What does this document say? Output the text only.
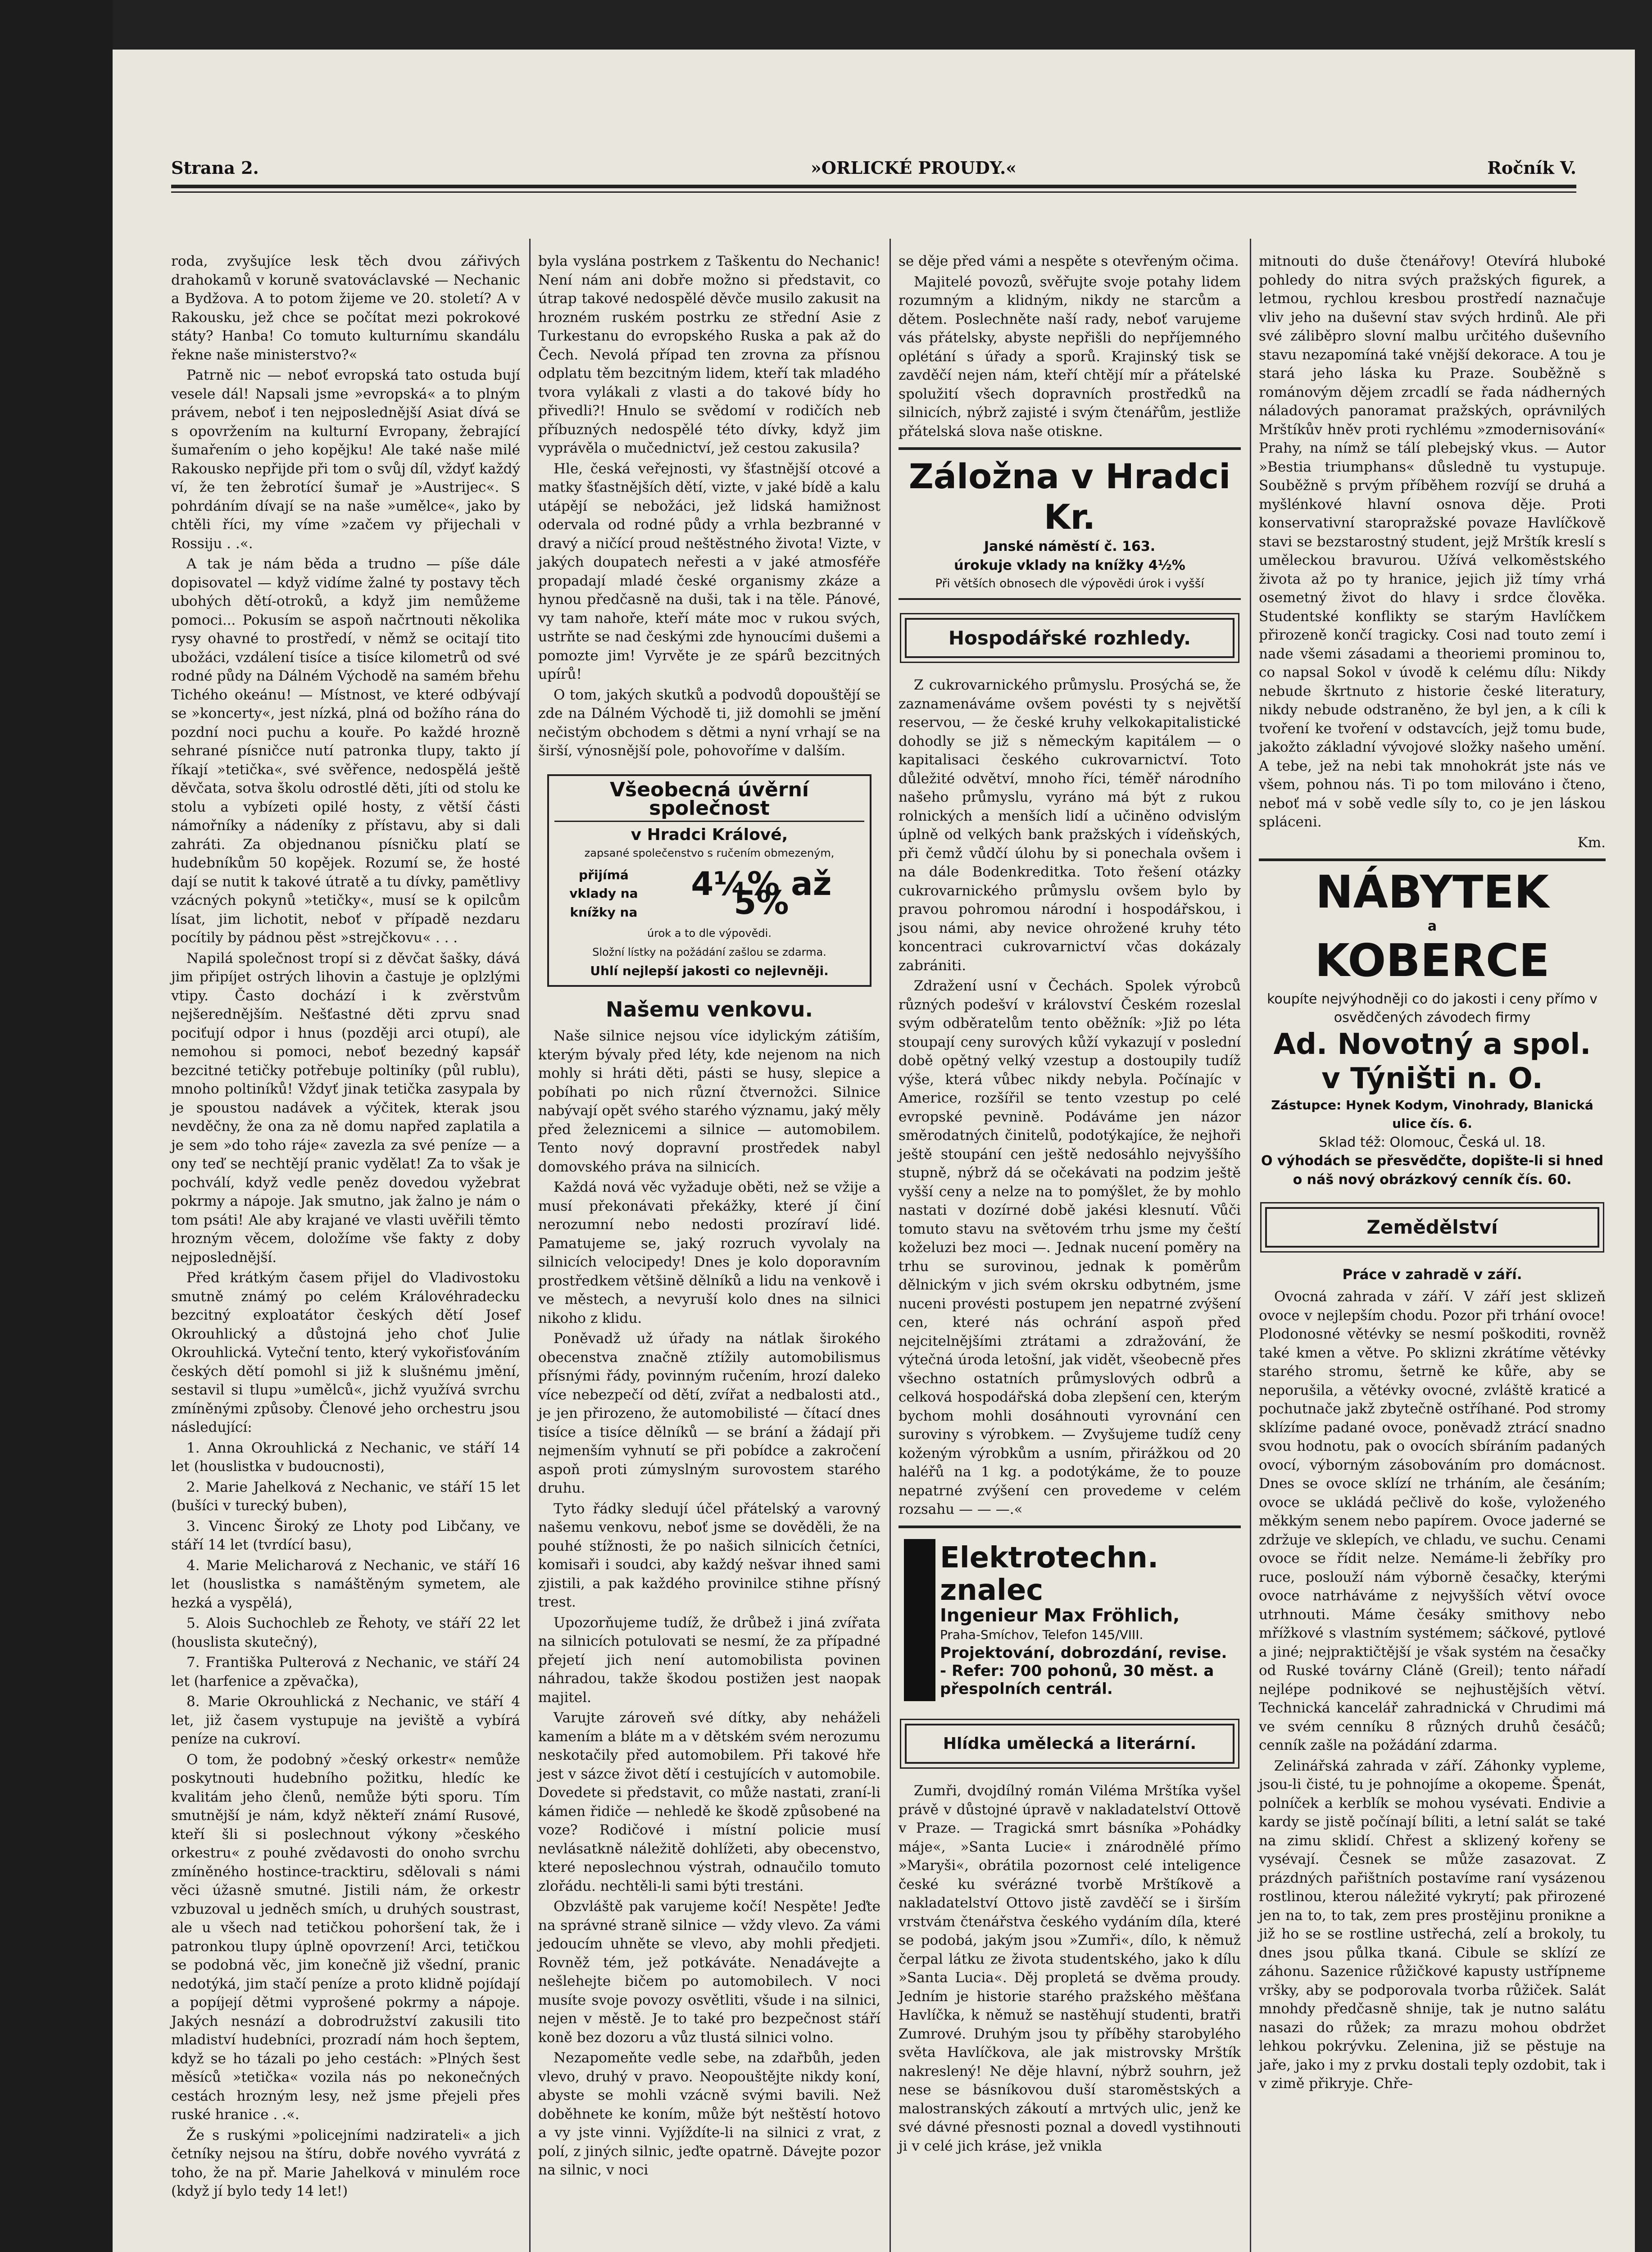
Strana 2.	»ORLICKÉ PROUDY.«	Ročník V.

roda, zvyšujíce lesk těch dvou zářivých drahokamů v koruně svatováclavské — Nechanic a Bydžova. A to potom žijeme ve 20. století? A v Rakousku, jež chce se počítat mezi pokrokové státy? Hanba! Co tomuto kulturnímu skandálu řekne naše ministerstvo?«

Patrně nic — neboť evropská tato ostuda bují vesele dál! Napsali jsme »evropská« a to plným právem, neboť i ten nejposlednější Asiat dívá se s opovržením na kulturní Evropany, žebrající šumařením o jeho kopějku! Ale také naše milé Rakousko nepřijde při tom o svůj díl, vždyť každý ví, že ten žebrotící šumař je »Austrijec«. S pohrdáním dívají se na naše »umělce«, jako by chtěli říci, my víme »začem vy přijechali v Rossiju . .«.

A tak je nám běda a trudno — píše dále dopisovatel — když vidíme žalné ty postavy těch ubohých dětí-otroků, a když jim nemůžeme pomoci... Pokusím se aspoň načrtnouti několika rysy ohavné to prostředí, v němž se ocitají tito ubožáci, vzdálení tisíce a tisíce kilometrů od své rodné půdy na Dálném Východě na samém břehu Tichého okeánu! — Místnost, ve které odbývají se »koncerty«, jest nízká, plná od božího rána do pozdní noci puchu a kouře. Po každé hrozně sehrané písničce nutí patronka tlupy, takto jí říkají »tetička«, své svěřence, nedospělá ještě děvčata, sotva školu odrostlé děti, jíti od stolu ke stolu a vybízeti opilé hosty, z větší části námořníky a nádeníky z přístavu, aby si dali zahráti. Za objednanou písničku platí se hudebníkům 50 kopějek. Rozumí se, že hosté dají se nutit k takové útratě a tu dívky, pamětlivy vzácných pokynů »tetičky«, musí se k opilcům lísat, jim lichotit, neboť v případě nezdaru pocítily by pádnou pěst »strejčkovu« . . .

Napilá společnost tropí si z děvčat šašky, dává jim připíjet ostrých lihovin a častuje je oplzlými vtipy. Často dochází i k zvěrstvům nejšerednějším. Nešťastné děti zprvu snad pociťují odpor i hnus (později arci otupí), ale nemohou si pomoci, neboť bezedný kapsář bezcitné tetičky potřebuje poltiníky (půl rublu), mnoho poltiníků! Vždyť jinak tetička zasypala by je spoustou nadávek a výčitek, kterak jsou nevděčny, že ona za ně domu napřed zaplatila a je sem »do toho ráje« zavezla za své peníze — a ony teď se nechtějí pranic vydělat! Za to však je pochválí, když vedle peněz dovedou vyžebrat pokrmy a nápoje. Jak smutno, jak žalno je nám o tom psáti! Ale aby krajané ve vlasti uvěřili těmto hrozným věcem, doložíme vše fakty z doby nejposlednější.

Před krátkým časem přijel do Vladivostoku smutně známý po celém Královéhradecku bezcitný exploatátor českých dětí Josef Okrouhlický a důstojná jeho choť Julie Okrouhlická. Vyteční tento, který vykořisťováním českých dětí pomohl si již k slušnému jmění, sestavil si tlupu »umělců«, jichž využívá svrchu zmíněnými způsoby. Členové jeho orchestru jsou následující:

1. Anna Okrouhlická z Nechanic, ve stáří 14 let (houslistka v budoucnosti),

2. Marie Jahelková z Nechanic, ve stáří 15 let (bušíci v turecký buben),

3. Vincenc Široký ze Lhoty pod Libčany, ve stáří 14 let (tvrdící basu),

4. Marie Melicharová z Nechanic, ve stáří 16 let (houslistka s namáštěným symetem, ale hezká a vyspělá),

5. Alois Suchochleb ze Řehoty, ve stáří 22 let (houslista skutečný),

7. Františka Pulterová z Nechanic, ve stáří 24 let (harfenice a zpěvačka),

8. Marie Okrouhlická z Nechanic, ve stáří 4 let, již časem vystupuje na jeviště a vybírá peníze na cukroví.

O tom, že podobný »český orkestr« nemůže poskytnouti hudebního požitku, hledíc ke kvalitám jeho členů, nemůže býti sporu. Tím smutnější je nám, když někteří známí Rusové, kteří šli si poslechnout výkony »českého orkestru« z pouhé zvědavosti do onoho svrchu zmíněného hostince-tracktiru, sdělovali s námi věci úžasně smutné. Jistili nám, že orkestr vzbuzoval u jedněch smích, u druhých soustrast, ale u všech nad tetičkou pohoršení tak, že i patronkou tlupy úplně opovrzení! Arci, tetičkou se podobná věc, jim konečně již všední, pranic nedotýká, jim stačí peníze a proto klidně pojídají a popíjejí dětmi vyprošené pokrmy a nápoje. Jakých nesnází a dobrodružství zakusili tito mladiství hudebníci, prozradí nám hoch šeptem, když se ho tázali po jeho cestách: »Plných šest měsíců »tetička« vozila nás po nekonečných cestách hrozným lesy, než jsme přejeli přes ruské hranice . .«.

Že s ruskými »policejními nadzirateli« a jich četníky nejsou na štíru, dobře nového vyvrátá z toho, že na př. Marie Jahelková v minulém roce (když jí bylo tedy 14 let!)

byla vyslána postrkem z Taškentu do Nechanic! Není nám ani dobře možno si představit, co útrap takové nedospělé děvče musilo zakusit na hrozném ruském postrku ze střední Asie z Turkestanu do evropského Ruska a pak až do Čech. Nevolá případ ten zrovna za přísnou odplatu těm bezcitným lidem, kteří tak mladého tvora vylákali z vlasti a do takové bídy ho přivedli?! Hnulo se svědomí v rodičích neb příbuzných nedospělé této dívky, když jim vyprávěla o mučednictví, jež cestou zakusila?

Hle, česká veřejnosti, vy šťastnější otcové a matky šťastnějších dětí, vizte, v jaké bídě a kalu utápějí se nebožáci, jež lidská hamižnost odervala od rodné půdy a vrhla bezbranné v dravý a ničící proud neštěstného života! Vizte, v jakých doupatech neřesti a v jaké atmosféře propadají mladé české organismy zkáze a hynou předčasně na duši, tak i na těle. Pánové, vy tam nahoře, kteří máte moc v rukou svých, ustrňte se nad českými zde hynoucími dušemi a pomozte jim! Vyrvěte je ze spárů bezcitných upírů!

O tom, jakých skutků a podvodů dopouštějí se zde na Dálném Východě ti, již domohli se jmění nečistým obchodem s dětmi a nyní vrhají se na širší, výnosnější pole, pohovoříme v dalším.

Všeobecná úvěrní společnost
v Hradci Králové,
zapsané společenstvo s ručením obmezeným,
přijímá vklady na knížky na
4¼% až 5%
úrok a to dle výpovědi.
Složní lístky na požádání zašlou se zdarma.
Uhlí nejlepší jakosti co nejlevněji.
Našemu venkovu.

Naše silnice nejsou více idylickým zátiším, kterým bývaly před léty, kde nejenom na nich mohly si hráti děti, pásti se husy, slepice a pobíhati po nich různí čtvernožci. Silnice nabývají opět svého starého významu, jaký měly před železnicemi a silnice — automobilem. Tento nový dopravní prostředek nabyl domovského práva na silnicích.

Každá nová věc vyžaduje oběti, než se vžije a musí překonávati překážky, které jí činí nerozumní nebo nedosti prozíraví lidé. Pamatujeme se, jaký rozruch vyvolaly na silnicích velocipedy! Dnes je kolo doporavním prostředkem většině dělníků a lidu na venkově i ve městech, a nevyruší kolo dnes na silnici nikoho z klidu.

Poněvadž už úřady na nátlak širokého obecenstva značně ztížily automobilismus přísnými řády, povinným ručením, hrozí daleko více nebezpečí od dětí, zvířat a nedbalosti atd., je jen přirozeno, že automobilisté — čítací dnes tisíce a tisíce dělníků — se brání a žádají při nejmenším vyhnutí se při pobídce a zakročení aspoň proti zúmyslným surovostem starého druhu.

Tyto řádky sledují účel přátelský a varovný našemu venkovu, neboť jsme se dověděli, že na pouhé stížnosti, že po našich silnicích četníci, komisaři i soudci, aby každý nešvar ihned sami zjistili, a pak každého provinilce stihne přísný trest.

Upozorňujeme tudíž, že drůbež i jiná zvířata na silnicích potulovati se nesmí, že za případné přejetí jich není automobilista povinen náhradou, takže škodou postižen jest naopak majitel.

Varujte zároveň své dítky, aby neháželi kamením a bláte m a v dětském svém nerozumu neskotačily před automobilem. Při takové hře jest v sázce život dětí i cestujících v automobile. Dovedete si představit, co může nastati, zraní-li kámen řidiče — nehledě ke škodě způsobené na voze? Rodičové i místní policie musí nevlásatkně náležitě dohlížeti, aby obecenstvo, které neposlechnou výstrah, odnaučilo tomuto zlořádu. nechtěli-li sami býti trestáni.

Obzvláště pak varujeme kočí! Nespěte! Jeďte na správné straně silnice — vždy vlevo. Za vámi jedoucím uhněte se vlevo, aby mohli předjeti. Rovněž tém, jež potkáváte. Nenadávejte a nešlehejte bičem po automobilech. V noci musíte svoje povozy osvětliti, všude i na silnici, nejen v městě. Je to také pro bezpečnost stáří koně bez dozoru a vůz tlustá silnici volno.

Nezapomeňte vedle sebe, na zdařbůh, jeden vlevo, druhý v pravo. Neopouštějte nikdy koní, abyste se mohli vzácně svými bavili. Než doběhnete ke koním, může být neštěstí hotovo a vy jste vinni. Vyjíždíte-li na silnici z vrat, z polí, z jiných silnic, jeďte opatrně. Dávejte pozor na silnic, v noci

se děje před vámi a nespěte s otevřeným očima.

Majitelé povozů, svěřujte svoje potahy lidem rozumným a klidným, nikdy ne starcům a dětem. Poslechněte naší rady, neboť varujeme vás přátelsky, abyste nepřišli do nepříjemného oplétání s úřady a sporů. Krajinský tisk se zavděčí nejen nám, kteří chtějí mír a přátelské spolužití všech dopravních prostředků na silnicích, nýbrž zajisté i svým čtenářům, jestliže přátelská slova naše otiskne.

Záložna v Hradci Kr.
Janské náměstí č. 163.
úrokuje vklady na knížky 4½%
Při větších obnosech dle výpovědi úrok i vyšší
Hospodářské rozhledy.

Z cukrovarnického průmyslu. Prosýchá se, že zaznamenáváme ovšem povésti ty s největší reservou, — že české kruhy velkokapitalistické dohodly se již s německým kapitálem — o kapitalisaci českého cukrovarnictví. Toto důležité odvětví, mnoho říci, téměř národního našeho průmyslu, vyráno má být z rukou rolnických a menších lidí a učiněno odvislým úplně od velkých bank pražských i vídeňských, při čemž vůdčí úlohu by si ponechala ovšem i na dále Bodenkreditka. Toto řešení otázky cukrovarnického průmyslu ovšem bylo by pravou pohromou národní i hospodářskou, i jsou námi, aby nevice ohrožené kruhy této koncentraci cukrovarnictví včas dokázaly zabrániti.

Zdražení usní v Čechách. Spolek výrobců různých podešví v království Českém rozeslal svým odběratelům tento oběžník: »Již po léta stoupají ceny surových kůží vykazují v poslední době opětný velký vzestup a dostoupily tudíž výše, která vůbec nikdy nebyla. Počínajíc v Americe, rozšířil se tento vzestup po celé evropské pevnině. Podáváme jen názor směrodatných činitelů, podotýkajíce, že nejhoři ještě stoupání cen ještě nedosáhlo nejvyššího stupně, nýbrž dá se očekávati na podzim ještě vyšší ceny a nelze na to pomýšlet, že by mohlo nastati v dozírné době jakési klesnutí. Vůči tomuto stavu na světovém trhu jsme my čeští koželuzi bez moci —. Jednak nucení poměry na trhu se surovinou, jednak k poměrům dělnickým v jich svém okrsku odbytném, jsme nuceni provésti postupem jen nepatrné zvýšení cen, které nás ochrání aspoň před nejcitelnějšími ztrátami a zdražování, že výtečná úroda letošní, jak vidět, všeobecně přes všechno ostatních průmyslových odbrů a celková hospodářská doba zlepšení cen, kterým bychom mohli dosáhnouti vyrovnání cen suroviny s výrobkem. — Zvyšujeme tudíž ceny koženým výrobkům a usním, přirážkou od 20 haléřů na 1 kg. a podotýkáme, že to pouze nepatrné zvýšení cen provedeme v celém rozsahu — — —.«

Elektrotechn. znalec
Ingenieur Max Fröhlich,
Praha-Smíchov, Telefon 145/VIII.
Projektování, dobrozdání, revise. - Refer: 700 pohonů, 30 měst. a přespolních centrál.
Hlídka umělecká a literární.

Zumři, dvojdílný román Viléma Mrštíka vyšel právě v důstojné úpravě v nakladatelství Ottově v Praze. — Tragická smrt básníka »Pohádky máje«, »Santa Lucie« i znárodnělé přímo »Maryši«, obrátila pozornost celé inteligence české ku svérázné tvorbě Mrštíkově a nakladatelství Ottovo jistě zavděčí se i širším vrstvám čtenářstva českého vydáním díla, které se podobá, jakým jsou »Zumři«, dílo, k němuž čerpal látku ze života studentského, jako k dílu »Santa Lucia«. Děj propletá se dvěma proudy. Jedním je historie starého pražského měšťana Havlíčka, k němuž se nastěhují studenti, bratři Zumrové. Druhým jsou ty příběhy starobylého světa Havlíčkova, ale jak mistrovsky Mrštík nakreslený! Ne děje hlavní, nýbrž souhrn, jež nese se básníkovou duší staroměstských a malostranských zákoutí a mrtvých ulic, jenž ke své dávné přesnosti poznal a dovedl vystihnouti ji v celé jich kráse, jež vnikla

mitnouti do duše čtenářovy! Otevírá hluboké pohledy do nitra svých pražských figurek, a letmou, rychlou kresbou prostředí naznačuje vliv jeho na duševní stav svých hrdinů. Ale při své záliběpro slovní malbu určitého duševního stavu nezapomíná také vnější dekorace. A tou je stará jeho láska ku Praze. Souběžně s románovým dějem zrcadlí se řada nádherných náladových panoramat pražských, oprávnilých Mrštíkův hněv proti rychlému »zmodernisování« Prahy, na nímž se tálí plebejský vkus. — Autor »Bestia triumphans« důsledně tu vystupuje. Souběžně s prvým příběhem rozvíjí se druhá a myšlénkové hlavní osnova děje. Proti konservativní staropražské povaze Havlíčkově stavi se bezstarostný student, jejž Mrštík kreslí s uměleckou bravurou. Užívá velkoměstského života až po ty hranice, jejich již tímy vrhá osemetný život do hlavy i srdce člověka. Studentské konflikty se starým Havlíčkem přirozeně končí tragicky. Cosi nad touto zemí i nade všemi zásadami a theoriemi prominou to, co napsal Sokol v úvodě k celému dílu: Nikdy nebude škrtnuto z historie české literatury, nikdy nebude odstraněno, že byl jen, a k cíli k tvoření ke tvoření v odstavcích, jejž tomu bude, jakožto základní vývojové složky našeho umění. A tebe, jež na nebi tak mnohokrát jste nás ve všem, pohnou nás. Ti po tom milováno i čteno, neboť má v sobě vedle síly to, co je jen láskou spláceni.

Km.

NÁBYTEK
a
KOBERCE
koupíte nejvýhodněji co do jakosti i ceny přímo v osvědčených závodech firmy
Ad. Novotný a spol.
v Týništi n. O.
Zástupce: Hynek Kodym, Vinohrady, Blanická ulice čís. 6.
Sklad též: Olomouc, Česká ul. 18.
O výhodách se přesvědčte, dopište-li si hned o náš nový obrázkový cenník čís. 60.
Zemědělství
Práce v zahradě v září.

Ovocná zahrada v září. V září jest sklizeň ovoce v nejlepším chodu. Pozor při trhání ovoce! Plodonosné větévky se nesmí poškoditi, rovněž také kmen a větve. Po sklizni zkrátíme větévky starého stromu, šetrně ke kůře, aby se neporušila, a větévky ovocné, zvláště kraticé a pochutnače jakž zbytečně ostříhané. Pod stromy sklízíme padané ovoce, poněvadž ztrácí snadno svou hodnotu, pak o ovocích sbíráním padaných ovocí, výborným zásobováním pro domácnost. Dnes se ovoce sklízí ne trháním, ale česáním; ovoce se ukládá pečlivě do koše, vyloženého měkkým senem nebo papírem. Ovoce jaderné se zdržuje ve sklepích, ve chladu, ve suchu. Cenami ovoce se řídit nelze. Nemáme-li žebříky pro ruce, poslouží nám výborně česačky, kterými ovoce natrháváme z nejvyšších větví ovoce utrhnouti. Máme česáky smithovy nebo mřížkové s vlastním systémem; sáčkové, pytlové a jiné; nejpraktičtější je však systém na česačky od Ruské továrny Cláně (Greil); tento nářadí nejlépe podnikové se nejhustějších větví. Technická kancelář zahradnická v Chrudimi má ve svém cenníku 8 různých druhů česáčů; cenník zašle na požádání zdarma.

Zelinářská zahrada v září. Záhonky vypleme, jsou-li čisté, tu je pohnojíme a okopeme. Špenát, polníček a kerblík se mohou vysévati. Endivie a kardy se jistě počínají bíliti, a letní salát se také na zimu sklidí. Chřest a sklizený kořeny se vysévají. Česnek se může zasazovat. Z prázdných pařištních postavíme raní vysázenou rostlinou, kterou náležité vykrytí; pak přirozené jen na to, to tak, zem pres prostějinu pronikne a již ho se se rostline ustřechá, zelí a brokoly, tu dnes jsou půlka tkaná. Cibule se sklízí ze záhonu. Sazenice růžičkové kapusty ustřípneme vršky, aby se podporovala tvorba růžiček. Salát mnohdy předčasně shnije, tak je nutno salátu nasazi do růžek; za mrazu mohou obdržet lehkou pokrývku. Zelenina, již se pěstuje na jaře, jako i my z prvku dostali teply ozdobit, tak i v zimě přikryje. Chře-
